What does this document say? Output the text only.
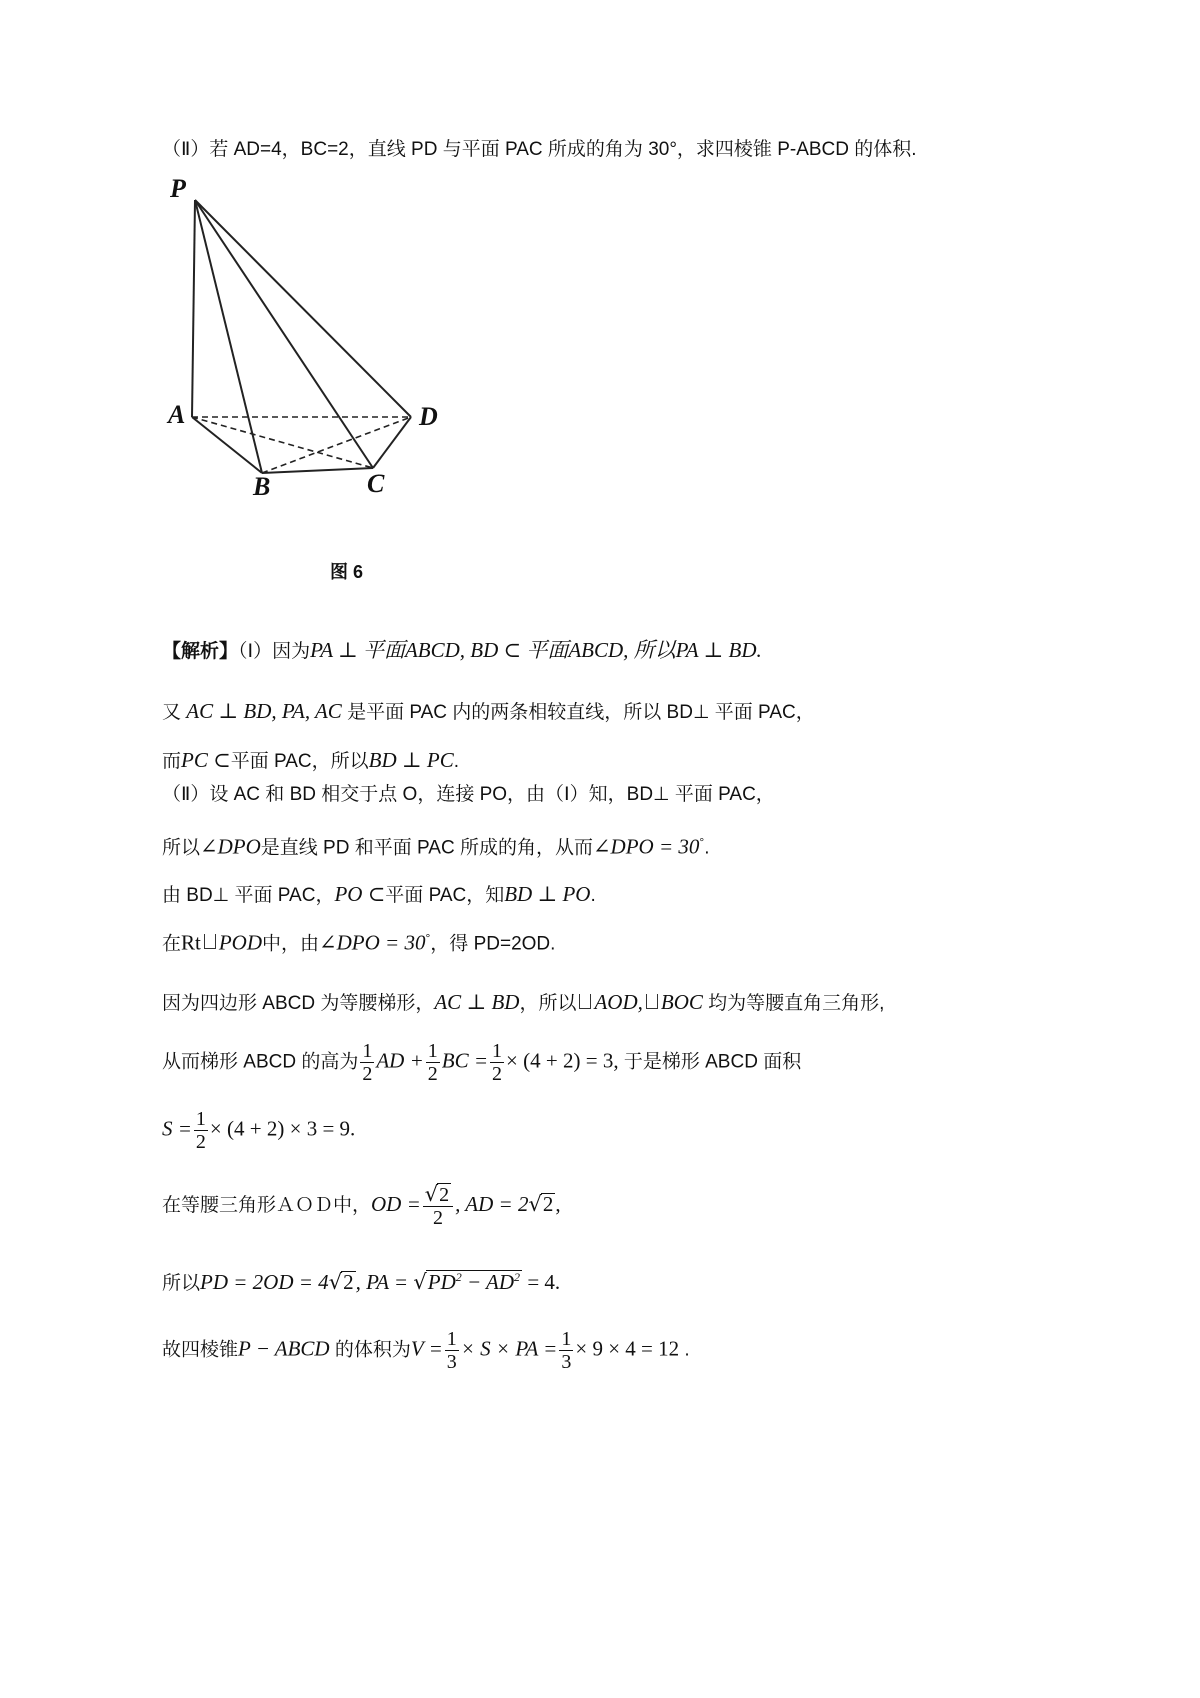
（Ⅱ）若 AD=4，BC=2，直线 PD 与平面 PAC 所成的角为 30°，求四棱锥 P-ABCD 的体积.
P
A
B	C
D
图 6
【解析】（Ⅰ）因为PA ⊥ 平面ABCD, BD ⊂ 平面ABCD, 所以PA ⊥ BD.
又 AC ⊥ BD, PA, AC 是平面 PAC 内的两条相较直线，所以 BD⊥ 平面 PAC，
而PC ⊂平面 PAC，所以BD ⊥ PC.
（Ⅱ）设 AC 和 BD 相交于点 O，连接 PO，由（Ⅰ）知，BD⊥ 平面 PAC，
所以∠DPO是直线 PD 和平面 PAC 所成的角，从而∠DPO = 30°.
由 BD⊥ 平面 PAC，PO ⊂平面 PAC，知BD ⊥ PO.
在Rt POD中，由∠DPO = 30°，得 PD=2OD.
因为四边形 ABCD 为等腰梯形，AC ⊥ BD，所以 AOD, BOC 均为等腰直角三角形,
从而梯形 ABCD 的高为 $\frac{1}{2}$ AD + $\frac{1}{2}$ BC = $\frac{1}{2} \times (4 + 2) = 3$, 于是梯形 ABCD 面积
$S = \frac{1}{2} \times (4 + 2) \times 3 = 9$.
在等腰三角形ＡＯＤ中，OD = $\frac{√2}{2}$ , AD = 2√2,
所以PD = 2OD = 4√2, PA = $√PD^2 - AD^2 = 4$.
故四棱锥P − ABCD 的体积为$V = \frac{1}{3} \times S$ × PA = $\frac{1}{3} \times 9 \times 4 = 12$ .
